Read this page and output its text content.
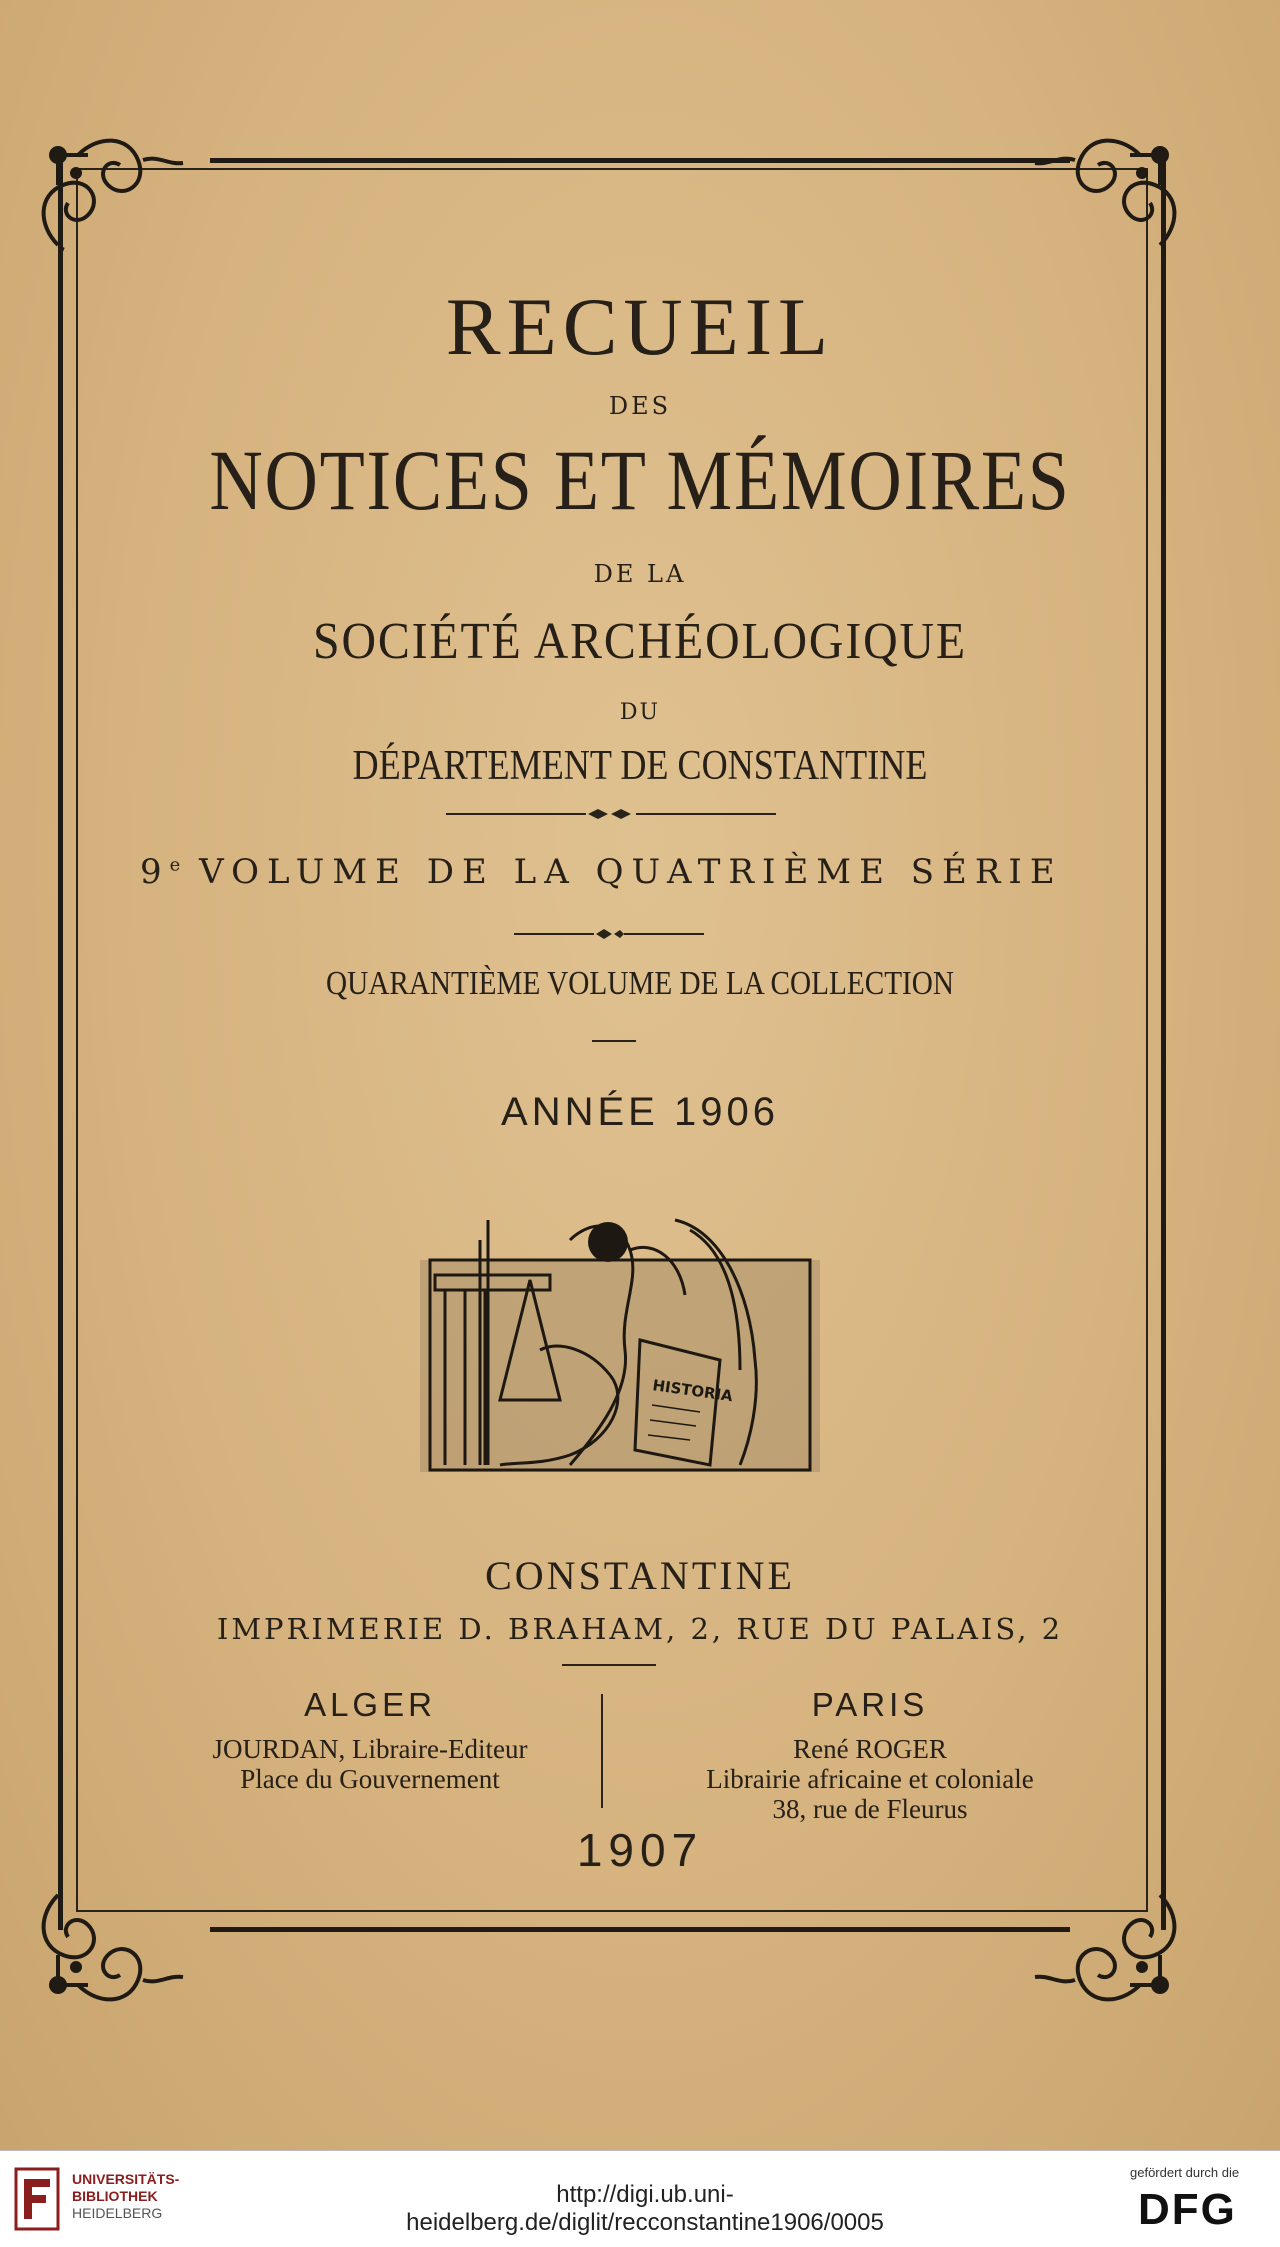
RECUEIL
DES
NOTICES ET MÉMOIRES
DE LA
SOCIÉTÉ ARCHÉOLOGIQUE
DU
DÉPARTEMENT DE CONSTANTINE
9e VOLUME DE LA QUATRIÈME SÉRIE
QUARANTIÈME VOLUME DE LA COLLECTION
ANNÉE 1906
HISTORIA
CONSTANTINE
IMPRIMERIE D. BRAHAM, 2, RUE DU PALAIS, 2
ALGER
JOURDAN, Libraire-Editeur
Place du Gouvernement
PARIS
René ROGER
Librairie africaine et coloniale
38, rue de Fleurus
1907
UNIVERSITÄTS-
BIBLIOTHEK
HEIDELBERG
http://digi.ub.uni-heidelberg.de/diglit/recconstantine1906/0005
gefördert durch die
DFG
